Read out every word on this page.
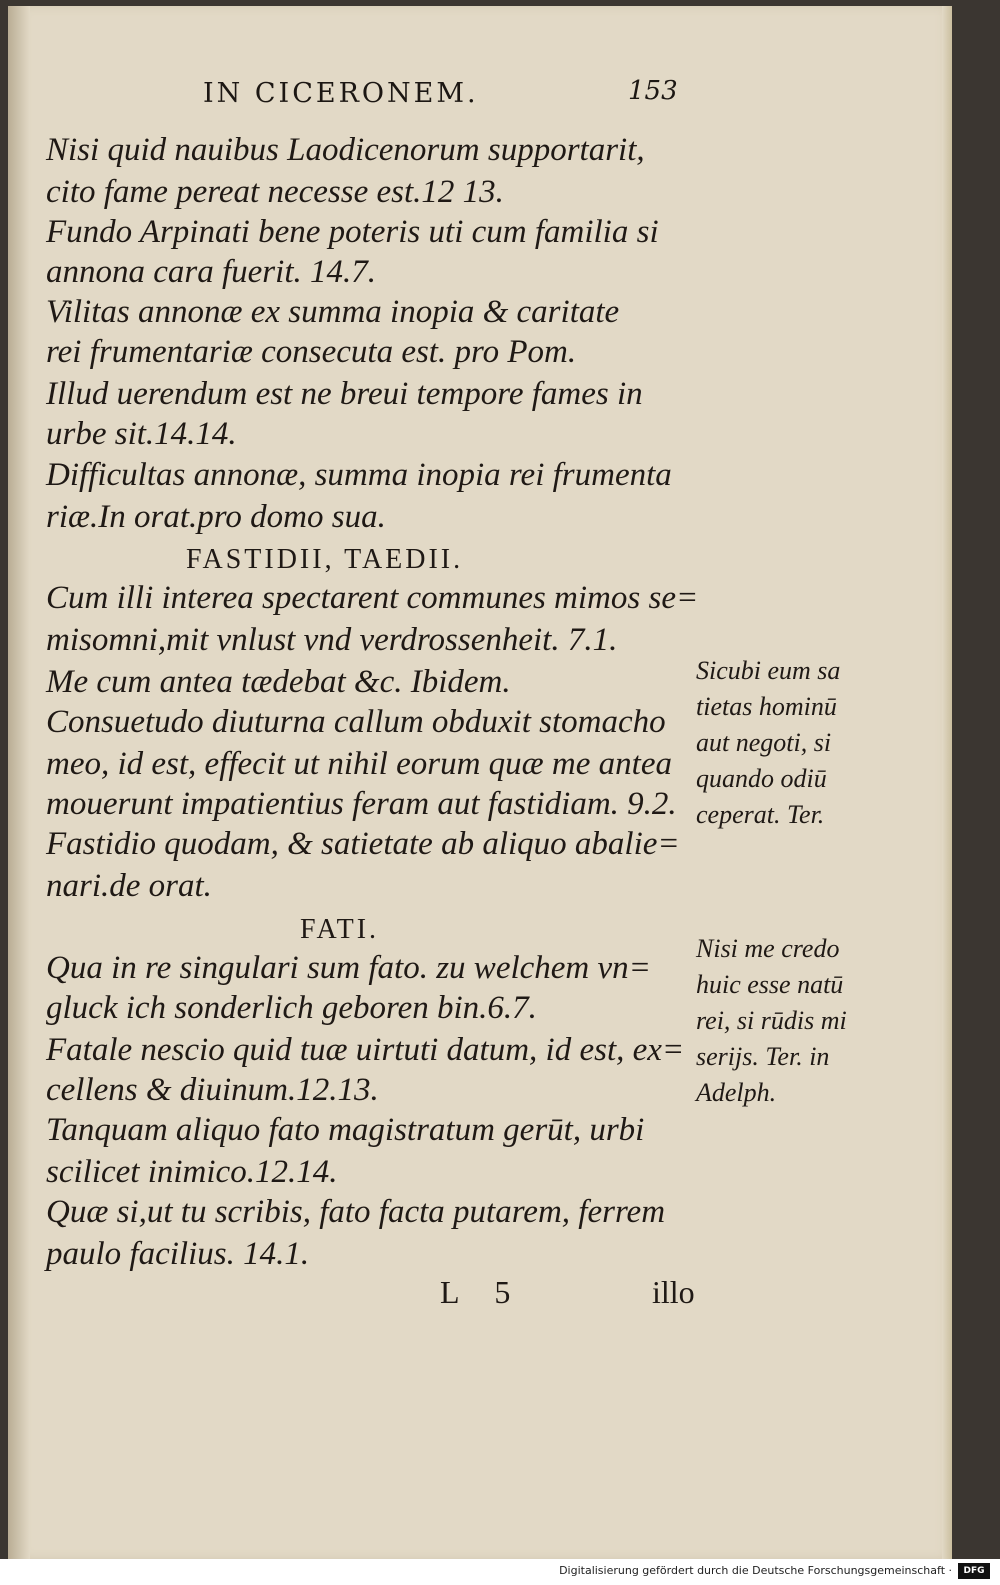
IN CICERONEM.	153
Nisi quid nauibus Laodicenorum supportarit,
cito fame pereat necesse est.12 13.
Fundo Arpinati bene poteris uti cum familia si
annona cara fuerit. 14.7.
Vilitas annonæ ex summa inopia & caritate
rei frumentariæ consecuta est. pro Pom.
Illud uerendum est ne breui tempore fames in
urbe sit.14.14.
Difficultas annonæ, summa inopia rei frumenta
riæ.In orat.pro domo sua.
FASTIDII, TAEDII.
Cum illi interea spectarent communes mimos se=
misomni,mit vnlust vnd verdrossenheit. 7.1.
Me cum antea tædebat &c. Ibidem.
Consuetudo diuturna callum obduxit stomacho
meo, id est, effecit ut nihil eorum quæ me antea
mouerunt impatientius feram aut fastidiam. 9.2.
Fastidio quodam, & satietate ab aliquo abalie=
nari.de orat.
FATI.
Qua in re singulari sum fato. zu welchem vn=
gluck ich sonderlich geboren bin.6.7.
Fatale nescio quid tuæ uirtuti datum, id est, ex=
cellens & diuinum.12.13.
Tanquam aliquo fato magistratum gerūt, urbi
scilicet inimico.12.14.
Quæ si,ut tu scribis, fato facta putarem, ferrem
paulo facilius. 14.1.
Sicubi eum sa
tietas hominū
aut negoti, si
quando odiū
ceperat. Ter.
Nisi me credo
huic esse natū
rei, si rūdis mi
serijs. Ter. in
Adelph.
L 5	illo
Digitalisierung gefördert durch die Deutsche Forschungsgemeinschaft ·	DFG
